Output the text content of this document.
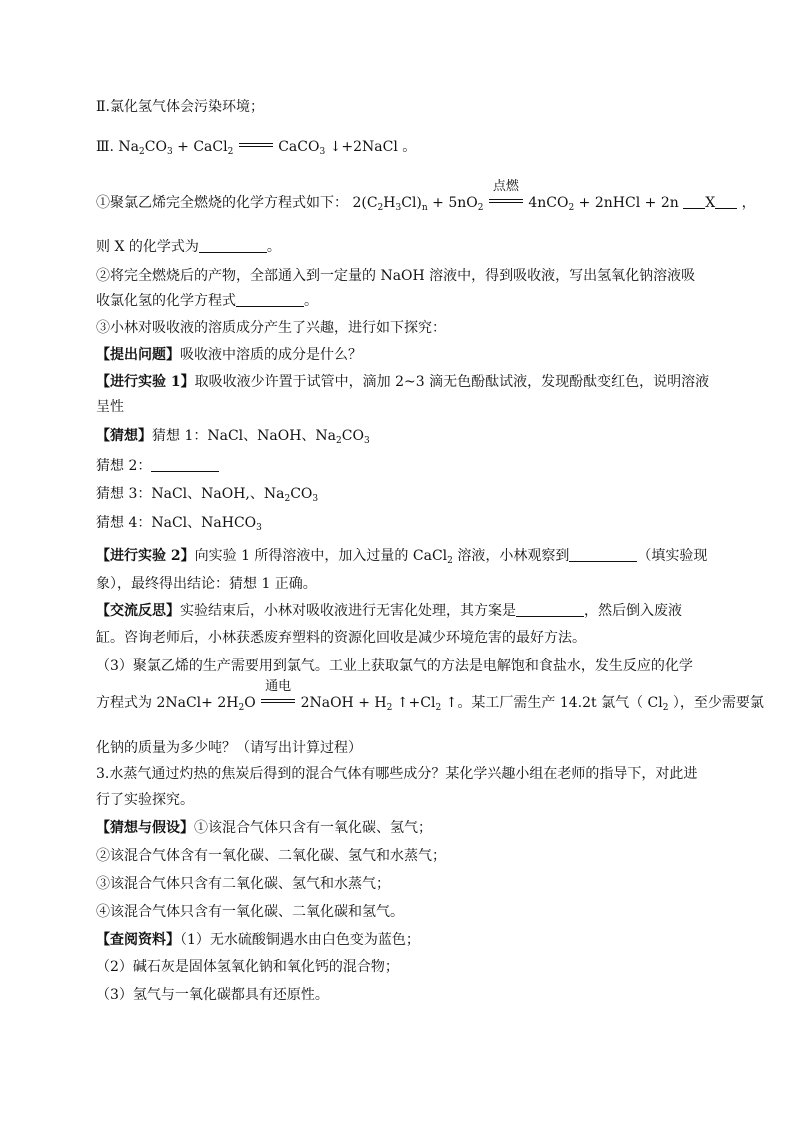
Ⅱ.氯化氢气体会污染环境；
Ⅲ. $Na_2CO_3$ + CaCl$_2$	CaCO$_3$ ↓+2NaCl 。
①聚氯乙烯完全燃烧的化学方程式如下： $2(C_2H_3Cl)_n + 5nO_2$
点燃
4nCO$_2$ + 2nHCl + 2n X ，
则 X 的化学式为	。
②将完全燃烧后的产物，全部通入到一定量的 NaOH 溶液中，得到吸收液，写出氢氧化钠溶液吸
收氯化氢的化学方程式	。
③小林对吸收液的溶质成分产生了兴趣，进行如下探究：
【提出问题】吸收液中溶质的成分是什么？
【进行实验 1】取吸收液少许置于试管中，滴加 2~3 滴无色酚酞试液，发现酚酞变红色，说明溶液
呈性
【猜想】猜想 1：NaCl、NaOH、$Na_2CO_3$
猜想 2：
猜想 3：NaCl、NaOH,、$Na_2CO_3$
猜想 4：NaCl、NaHCO$_3$
【进行实验 2】向实验 1 所得溶液中，加入过量的 CaCl$_2$ 溶液，小林观察到	（填实验现
象），最终得出结论：猜想 1 正确。
【交流反思】实验结束后，小林对吸收液进行无害化处理，其方案是	，然后倒入废液
缸。咨询老师后，小林获悉废弃塑料的资源化回收是减少环境危害的最好方法。
（3）聚氯乙烯的生产需要用到氯气。工业上获取氯气的方法是电解饱和食盐水，发生反应的化学
方程式为 2NaCl+ $2H_2O$
通电
2NaOH + $H_2$ $↑+Cl_2$ ↑。某工厂需生产 14.2t 氯气（ $Cl_2$ ），至少需要氯
化钠的质量为多少吨？（请写出计算过程）
3.水蒸气通过灼热的焦炭后得到的混合气体有哪些成分？某化学兴趣小组在老师的指导下，对此进
行了实验探究。
【猜想与假设】①该混合气体只含有一氧化碳、氢气；
②该混合气体含有一氧化碳、二氧化碳、氢气和水蒸气；
③该混合气体只含有二氧化碳、氢气和水蒸气；
④该混合气体只含有一氧化碳、二氧化碳和氢气。
【查阅资料】（1）无水硫酸铜遇水由白色变为蓝色；
（2）碱石灰是固体氢氧化钠和氧化钙的混合物；
（3）氢气与一氧化碳都具有还原性。
